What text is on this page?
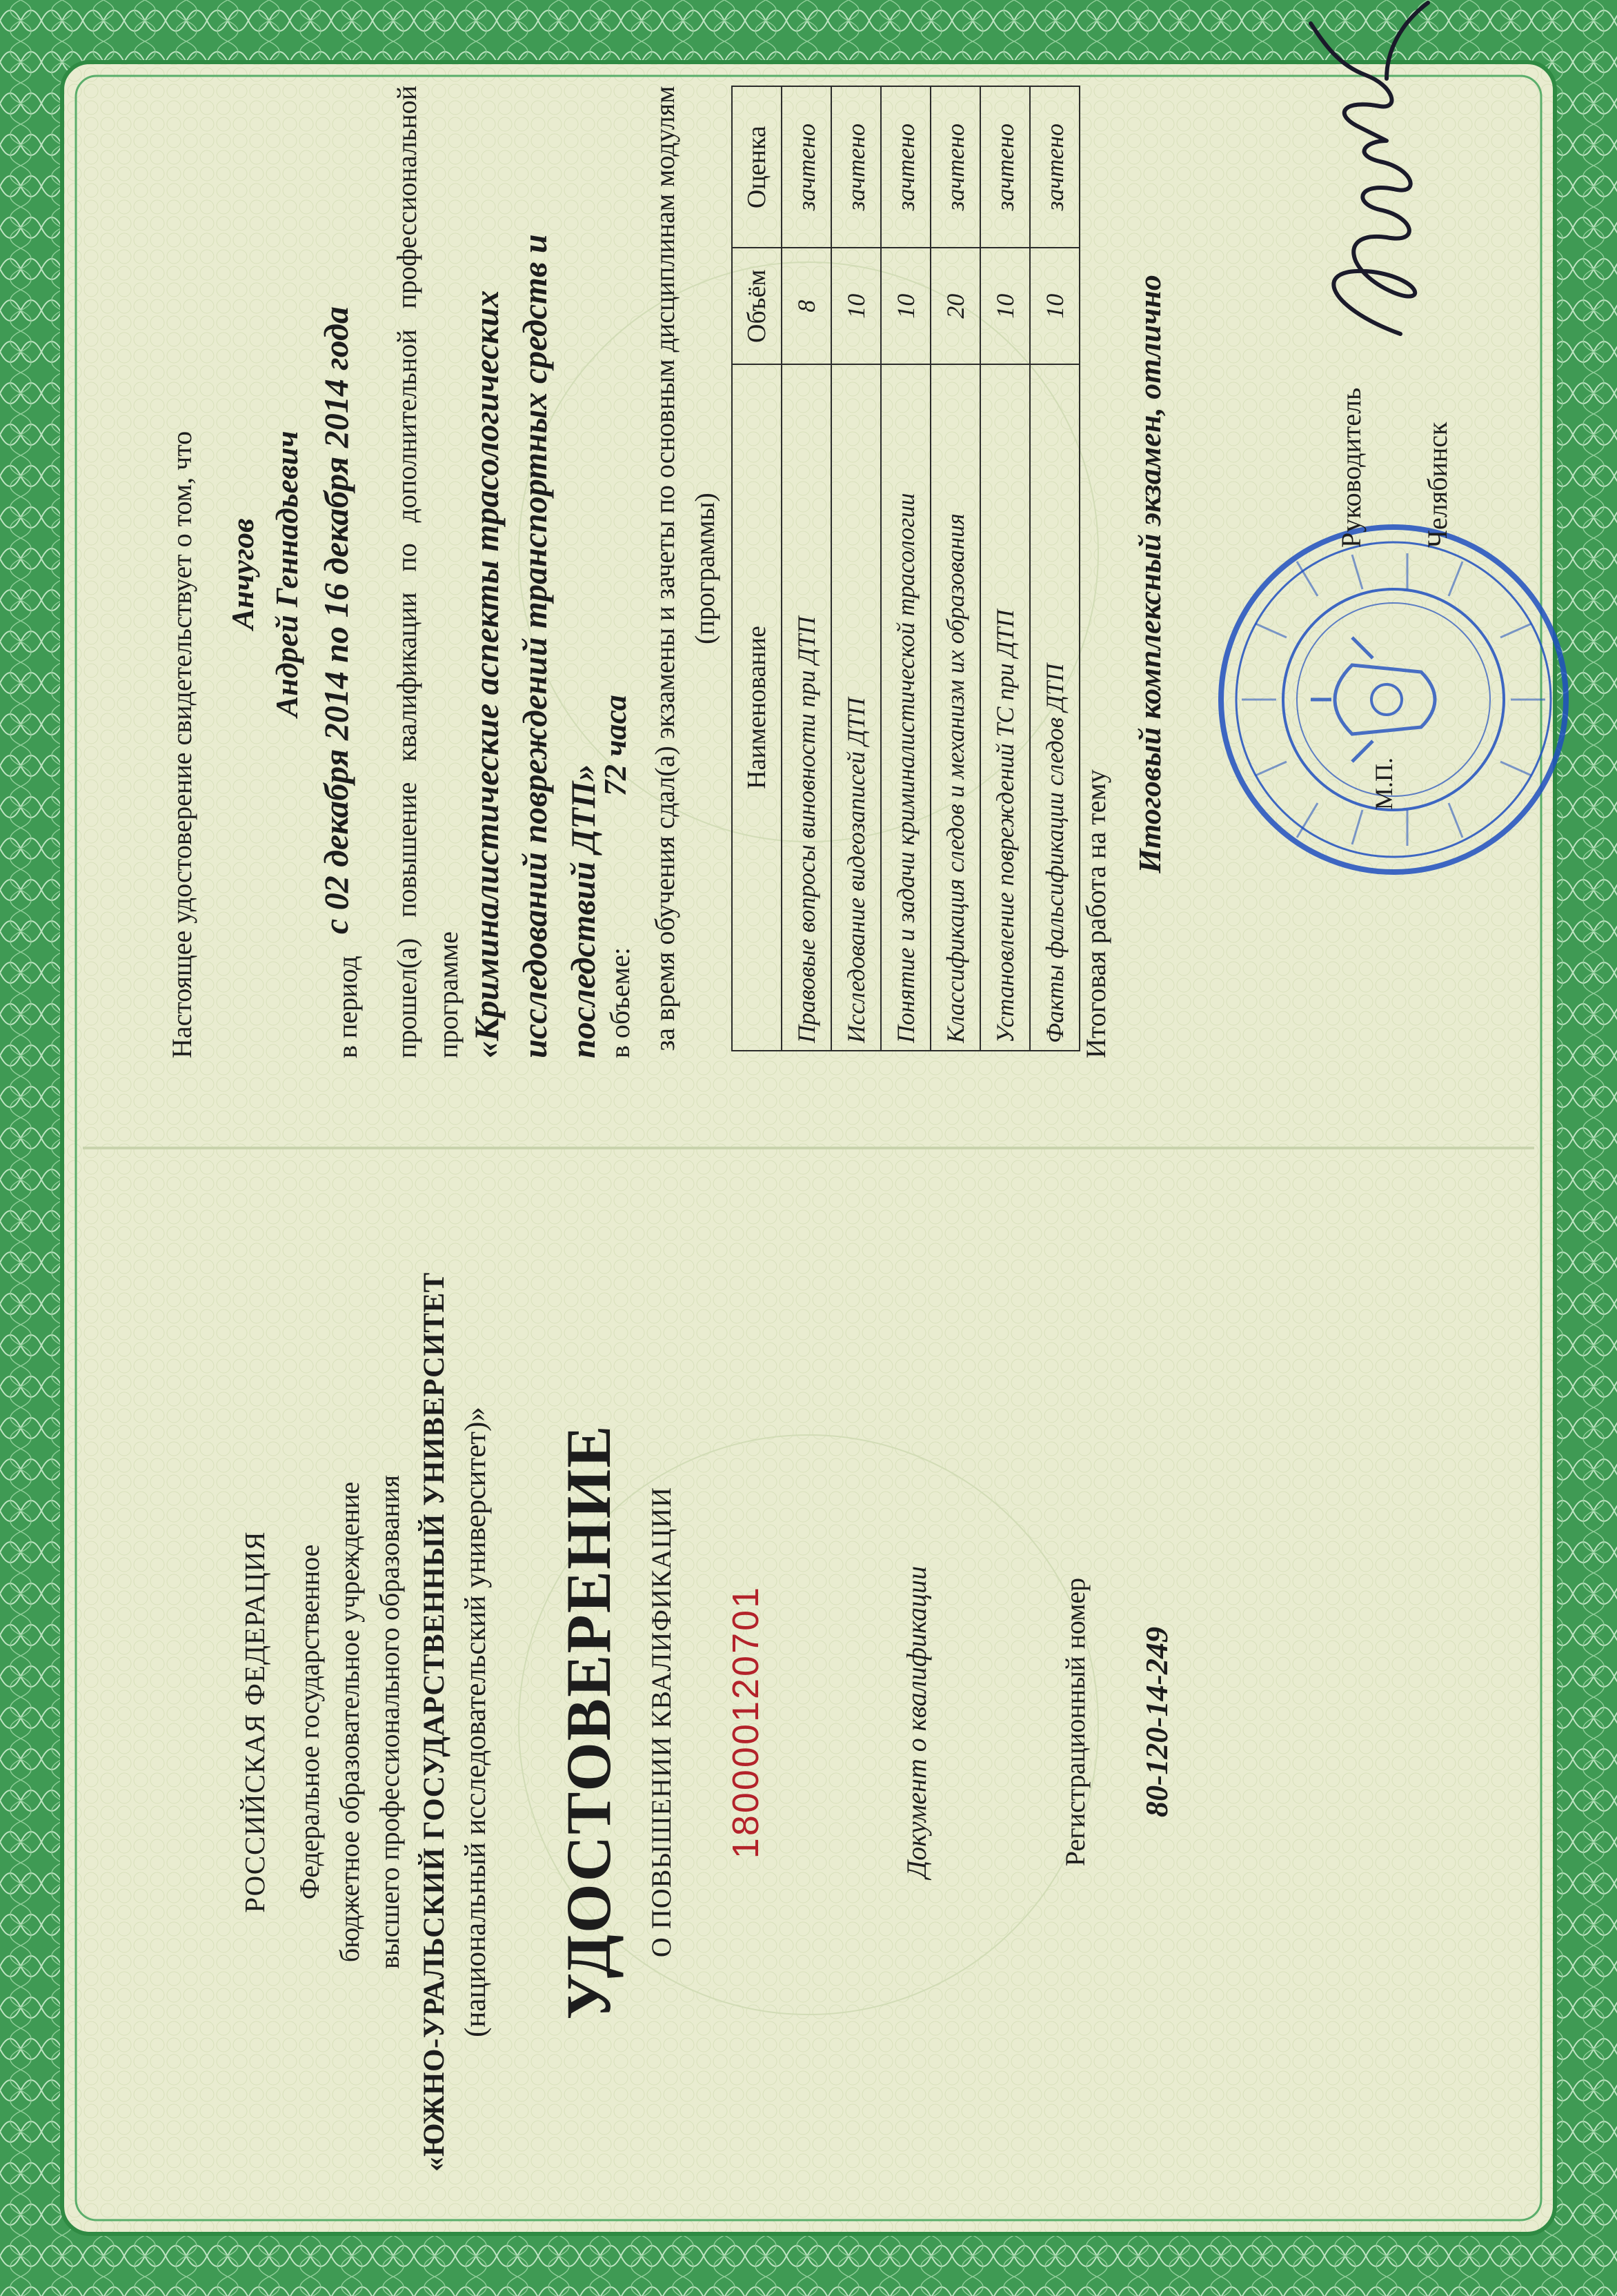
РОССИЙСКАЯ ФЕДЕРАЦИЯ Федеральное государственное бюджетное образовательное учреждение высшего профессионального образования «ЮЖНО-УРАЛЬСКИЙ ГОСУДАРСТВЕННЫЙ УНИВЕРСИТЕТ (национальный исследовательский университет)» УДОСТОВЕРЕНИЕ О ПОВЫШЕНИИ КВАЛИФИКАЦИИ 180000120701	Документ о квалификации	Регистрационный номер 80-120-14-249
Настоящее удостоверение свидетельствует о том, что Анчугов Андрей Геннадьевич
в период
с 02 декабря 2014 по 16 декабря 2014 года прошел(а) повышение квалификации по дополнительной профессиональной программе «Криминалистические аспекты трасологических исследований повреждений транспортных средств и последствий ДТП» в объеме:
72 часа за время обучения сдал(а) экзамены и зачеты по основным дисциплинам модулям (программы)
Наименование	Объём	Оценка
Правовые вопросы виновности при ДТП	8	зачтено
Исследование видеозаписей ДТП	10	зачтено
Понятие и задачи криминалистической трасологии	10	зачтено
Классификация следов и механизм их образования	20	зачтено
Установление повреждений ТС при ДТП	10	зачтено
Факты фальсификации следов ДТП	10	зачтено
Итоговая работа на тему
Итоговый комплексный экзамен, отлично	М.П.
Руководитель Челябинск
